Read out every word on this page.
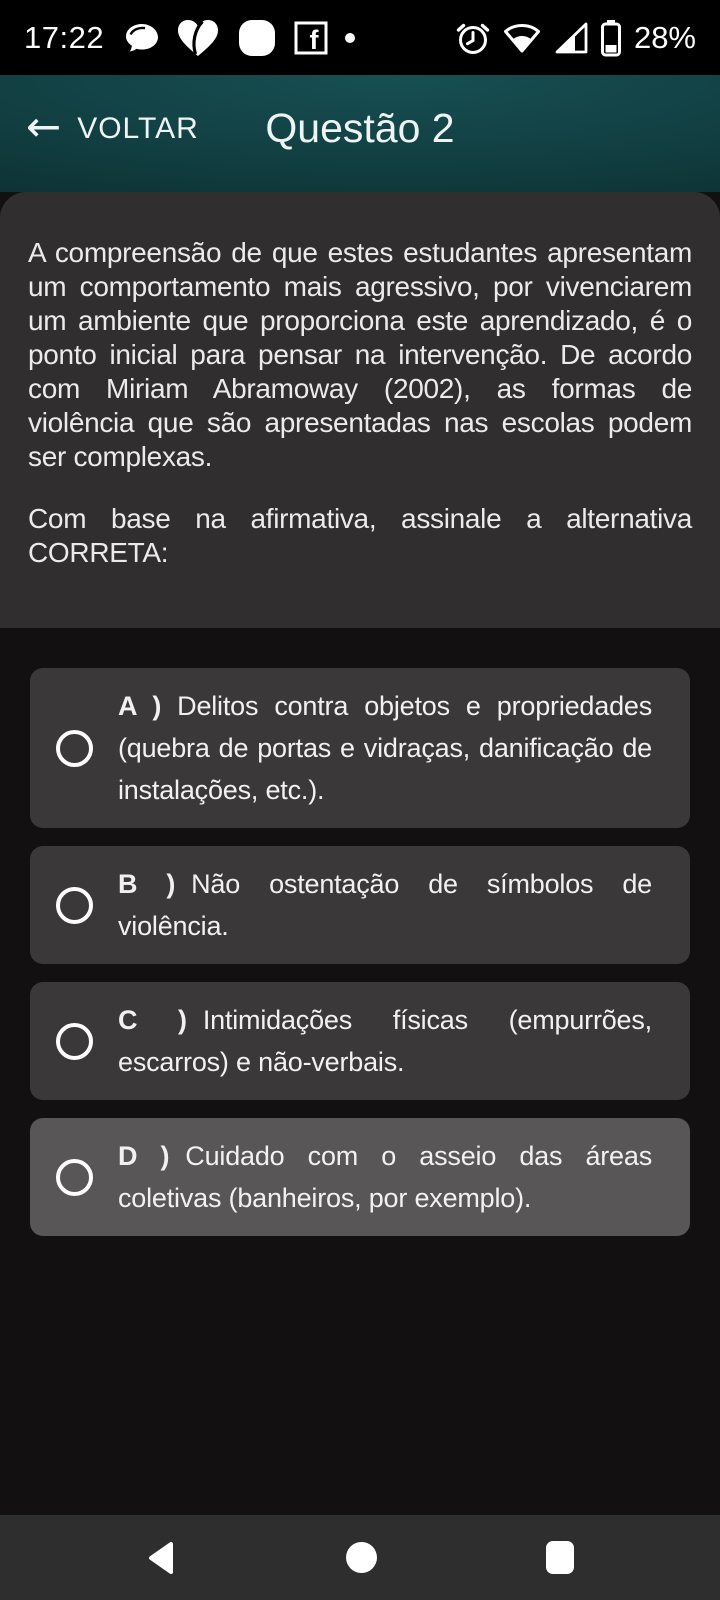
17:22	f	28%
← VOLTAR	Questão 2

A compreensão de que estes estudantes apresentam um comportamento mais agressivo, por vivenciarem um ambiente que proporciona este aprendizado, é o ponto inicial para pensar na intervenção. De acordo com Miriam Abramoway (2002), as formas de violência que são apresentadas nas escolas podem ser complexas.

Com base na afirmativa, assinale a alternativa CORRETA:

A ) Delitos contra objetos e propriedades (quebra de portas e vidraças, danificação de instalações, etc.).
B ) Não ostentação de símbolos de violência.
C ) Intimidações físicas (empurrões, escarros) e não-verbais.
D ) Cuidado com o asseio das áreas coletivas (banheiros, por exemplo).
